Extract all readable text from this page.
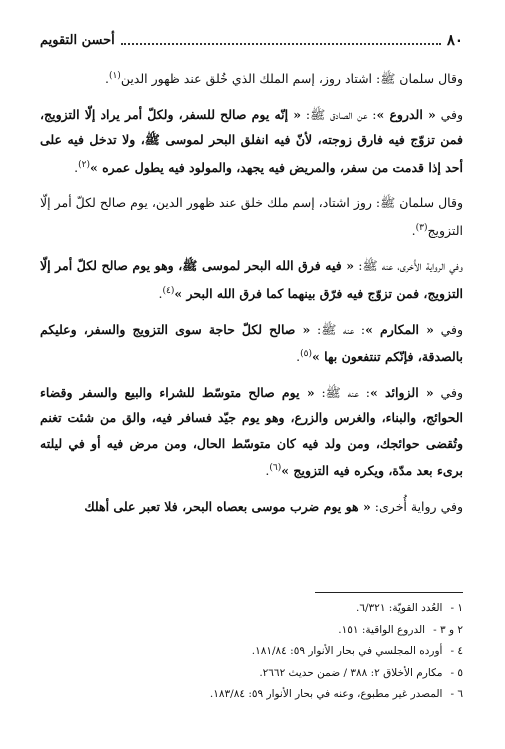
٨٠
أحسن التقويم

وقال سلمان ﷺ: اشتاد روز، إسم الملك الذي خُلق عند ظهور الدين$^{(١)}$.

وفي « الدروع »: عن الصادق ﷺ: « إنّه يوم صالح للسفر، ولكلّ أمر يراد إلّا التزويج، فمن تزوّج فيه فارق زوجته، لأنّ فيه انفلق البحر لموسى ﷺ، ولا تدخل فيه على أحد إذا قدمت من سفر، والمريض فيه يجهد، والمولود فيه يطول عمره »$^{(٢)}$.

وقال سلمان ﷺ: روز اشتاد، إسم ملك خلق عند ظهور الدين، يوم صالح لكلّ أمر إلّا التزويج$^{(٣)}$.

وفي الرواية الأُخرى، عنه ﷺ: « فيه فرق الله البحر لموسى ﷺ، وهو يوم صالح لكلّ أمر إلّا التزويج، فمن تزوّج فيه فرّق بينهما كما فرق الله البحر »$^{(٤)}$.

وفي « المكارم »: عنه ﷺ: « صالح لكلّ حاجة سوى التزويج والسفر، وعليكم بالصدقة، فإنّكم تنتفعون بها »$^{(٥)}$.

وفي « الزوائد »: عنه ﷺ: « يوم صالح متوسّط للشراء والبيع والسفر وقضاء الحوائج، والبناء، والغرس والزرع، وهو يوم جيّد فسافر فيه، والق من شئت تغنم وتُقضى حوائجك، ومن ولد فيه كان متوسّط الحال، ومن مرض فيه أو في ليلته برىء بعد مدّة، ويكره فيه التزويج »$^{(٦)}$.

وفي رواية أُخرى: « هو يوم ضرب موسى بعصاه البحر، فلا تعبر على أهلك

١ -
العُدد القويّة: ٦/٣٢١.
٢ و ٣ -
الدروع الواقية: ١٥١.
٤ -
أورده المجلسي في بحار الأنوار ٥٩: ١٨١/٨٤.
٥ -
مكارم الأخلاق ٢: ٣٨٨ / ضمن حديث ٢٦٦٢.
٦ -
المصدر غير مطبوع، وعنه في بحار الأنوار ٥٩: ١٨٣/٨٤.
